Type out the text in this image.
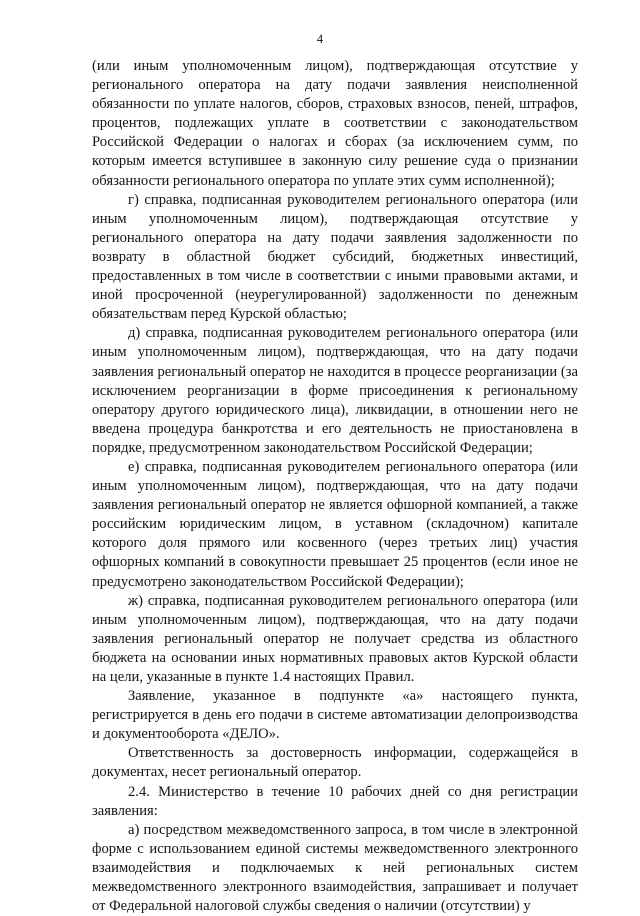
4

(или иным уполномоченным лицом), подтверждающая отсутствие у регионального оператора на дату подачи заявления неисполненной обязанности по уплате налогов, сборов, страховых взносов, пеней, штрафов, процентов, подлежащих уплате в соответствии с законодательством Российской Федерации о налогах и сборах (за исключением сумм, по которым имеется вступившее в законную силу решение суда о признании обязанности регионального оператора по уплате этих сумм исполненной);

г) справка, подписанная руководителем регионального оператора (или иным уполномоченным лицом), подтверждающая отсутствие у регионального оператора на дату подачи заявления задолженности по возврату в областной бюджет субсидий, бюджетных инвестиций, предоставленных в том числе в соответствии с иными правовыми актами, и иной просроченной (неурегулированной) задолженности по денежным обязательствам перед Курской областью;

д) справка, подписанная руководителем регионального оператора (или иным уполномоченным лицом), подтверждающая, что на дату подачи заявления региональный оператор не находится в процессе реорганизации (за исключением реорганизации в форме присоединения к региональному оператору другого юридического лица), ликвидации, в отношении него не введена процедура банкротства и его деятельность не приостановлена в порядке, предусмотренном законодательством Российской Федерации;

е) справка, подписанная руководителем регионального оператора (или иным уполномоченным лицом), подтверждающая, что на дату подачи заявления региональный оператор не является офшорной компанией, а также российским юридическим лицом, в уставном (складочном) капитале которого доля прямого или косвенного (через третьих лиц) участия офшорных компаний в совокупности превышает 25 процентов (если иное не предусмотрено законодательством Российской Федерации);

ж) справка, подписанная руководителем регионального оператора (или иным уполномоченным лицом), подтверждающая, что на дату подачи заявления региональный оператор не получает средства из областного бюджета на основании иных нормативных правовых актов Курской области на цели, указанные в пункте 1.4 настоящих Правил.

Заявление, указанное в подпункте «а» настоящего пункта, регистрируется в день его подачи в системе автоматизации делопроизводства и документооборота «ДЕЛО».

Ответственность за достоверность информации, содержащейся в документах, несет региональный оператор.

2.4. Министерство в течение 10 рабочих дней со дня регистрации заявления:

а) посредством межведомственного запроса, в том числе в электронной форме с использованием единой системы межведомственного электронного взаимодействия и подключаемых к ней региональных систем межведомственного электронного взаимодействия, запрашивает и получает от Федеральной налоговой службы сведения о наличии (отсутствии) у
